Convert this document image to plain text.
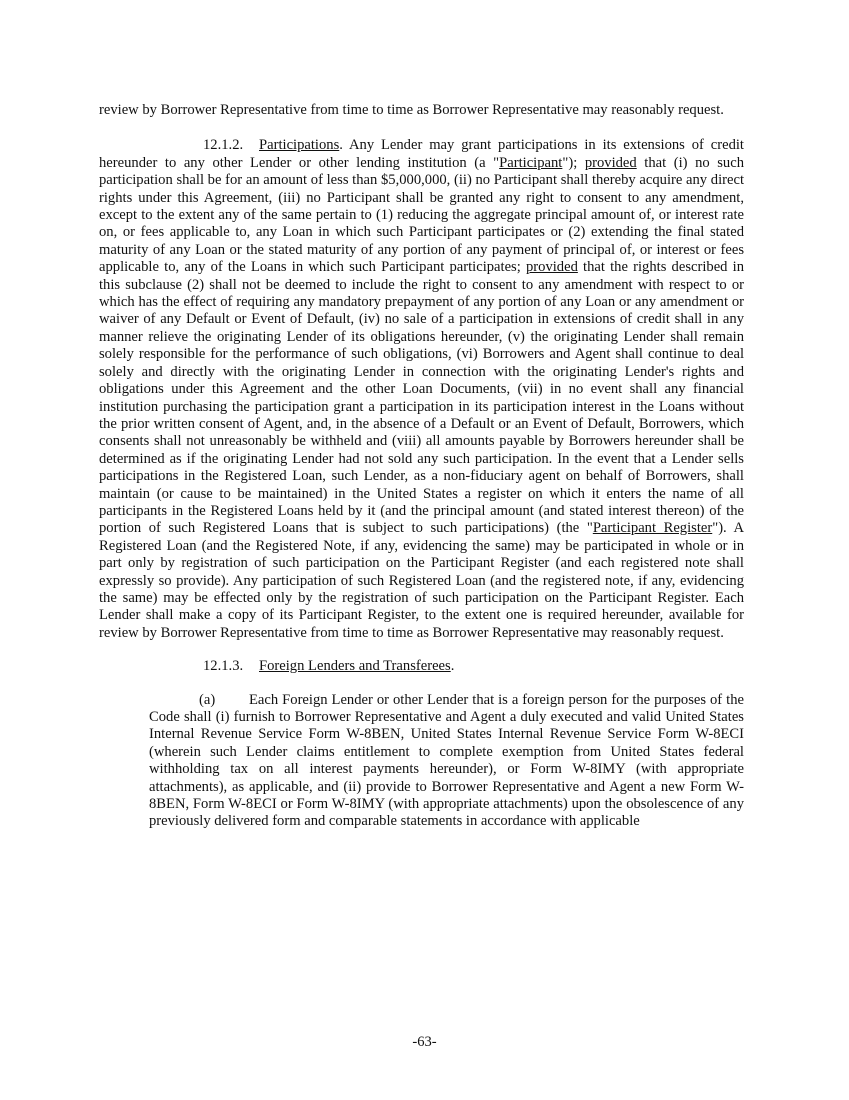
review by Borrower Representative from time to time as Borrower Representative may reasonably request.

12.1.2. Participations. Any Lender may grant participations in its extensions of credit hereunder to any other Lender or other lending institution (a "Participant"); provided that (i) no such participation shall be for an amount of less than $5,000,000, (ii) no Participant shall thereby acquire any direct rights under this Agreement, (iii) no Participant shall be granted any right to consent to any amendment, except to the extent any of the same pertain to (1) reducing the aggregate principal amount of, or interest rate on, or fees applicable to, any Loan in which such Participant participates or (2) extending the final stated maturity of any Loan or the stated maturity of any portion of any payment of principal of, or interest or fees applicable to, any of the Loans in which such Participant participates; provided that the rights described in this subclause (2) shall not be deemed to include the right to consent to any amendment with respect to or which has the effect of requiring any mandatory prepayment of any portion of any Loan or any amendment or waiver of any Default or Event of Default, (iv) no sale of a participation in extensions of credit shall in any manner relieve the originating Lender of its obligations hereunder, (v) the originating Lender shall remain solely responsible for the performance of such obligations, (vi) Borrowers and Agent shall continue to deal solely and directly with the originating Lender in connection with the originating Lender's rights and obligations under this Agreement and the other Loan Documents, (vii) in no event shall any financial institution purchasing the participation grant a participation in its participation interest in the Loans without the prior written consent of Agent, and, in the absence of a Default or an Event of Default, Borrowers, which consents shall not unreasonably be withheld and (viii) all amounts payable by Borrowers hereunder shall be determined as if the originating Lender had not sold any such participation. In the event that a Lender sells participations in the Registered Loan, such Lender, as a non-fiduciary agent on behalf of Borrowers, shall maintain (or cause to be maintained) in the United States a register on which it enters the name of all participants in the Registered Loans held by it (and the principal amount (and stated interest thereon) of the portion of such Registered Loans that is subject to such participations) (the "Participant Register"). A Registered Loan (and the Registered Note, if any, evidencing the same) may be participated in whole or in part only by registration of such participation on the Participant Register (and each registered note shall expressly so provide). Any participation of such Registered Loan (and the registered note, if any, evidencing the same) may be effected only by the registration of such participation on the Participant Register. Each Lender shall make a copy of its Participant Register, to the extent one is required hereunder, available for review by Borrower Representative from time to time as Borrower Representative may reasonably request.

12.1.3. Foreign Lenders and Transferees.

(a) Each Foreign Lender or other Lender that is a foreign person for the purposes of the Code shall (i) furnish to Borrower Representative and Agent a duly executed and valid United States Internal Revenue Service Form W-8BEN, United States Internal Revenue Service Form W-8ECI (wherein such Lender claims entitlement to complete exemption from United States federal withholding tax on all interest payments hereunder), or Form W-8IMY (with appropriate attachments), as applicable, and (ii) provide to Borrower Representative and Agent a new Form W-8BEN, Form W-8ECI or Form W-8IMY (with appropriate attachments) upon the obsolescence of any previously delivered form and comparable statements in accordance with applicable

-63-
